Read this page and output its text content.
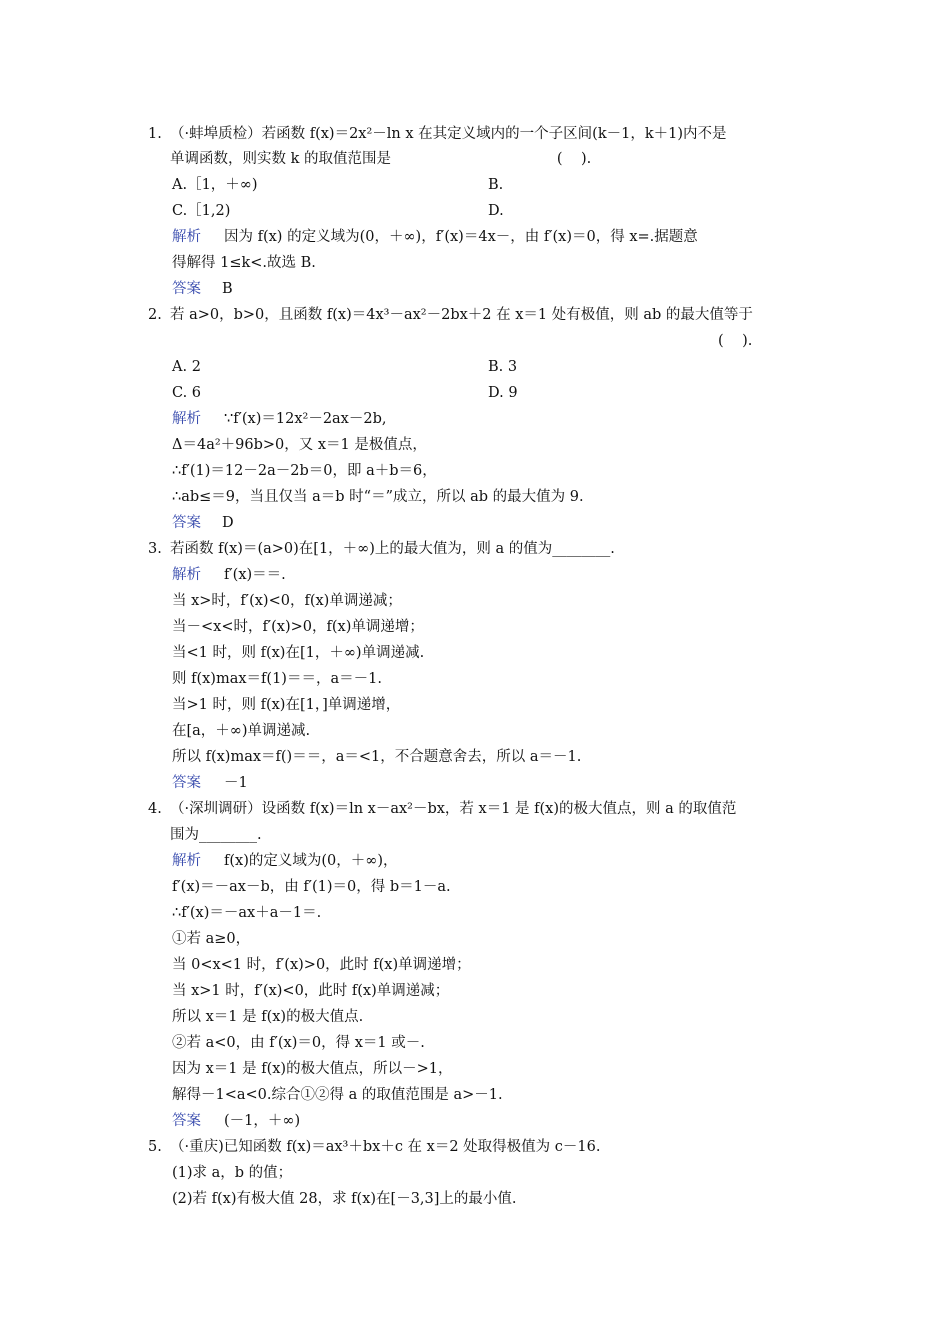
1. （·蚌埠质检）若函数 f(x)＝2x²－ln x 在其定义域内的一个子区间(k－1，k＋1)内不是
单调函数，则实数 k 的取值范围是                                    (    ).
A.［1，＋∞)	B.
C.［1,2)	D.
解析 因为 f(x) 的定义域为(0，＋∞)，f′(x)＝4x－，由 f′(x)＝0，得 x=.据题意
得解得 1≤k<.故选 B.
答案 B
2. 若 a>0，b>0，且函数 f(x)＝4x³－ax²－2bx＋2 在 x＝1 处有极值，则 ab 的最大值等于
(    ).
A. 2	B. 3
C. 6	D. 9
解析 ∵f′(x)＝12x²－2ax－2b,
Δ＝4a²＋96b>0，又 x＝1 是极值点，
∴f′(1)＝12－2a－2b＝0，即 a＋b＝6，
∴ab≤＝9，当且仅当 a＝b 时“＝”成立，所以 ab 的最大值为 9.
答案 D
3. 若函数 f(x)＝(a>0)在[1，＋∞)上的最大值为，则 a 的值为________.
解析 f′(x)＝＝.
当 x>时，f′(x)<0，f(x)单调递减；
当－<x<时，f′(x)>0，f(x)单调递增；
当<1 时，则 f(x)在[1，＋∞)单调递减.
则 f(x)max＝f(1)＝＝，a＝－1.
当>1 时，则 f(x)在[1，]单调递增，
在[a，＋∞)单调递减.
所以 f(x)max＝f()＝＝，a＝<1，不合题意舍去，所以 a＝－1.
答案 －1
4. （·深圳调研）设函数 f(x)＝ln x－ax²－bx，若 x＝1 是 f(x)的极大值点，则 a 的取值范
围为________.
解析 f(x)的定义域为(0，＋∞)，
f′(x)＝－ax－b，由 f′(1)＝0，得 b＝1－a.
∴f′(x)＝－ax＋a－1＝.
①若 a≥0，
当 0<x<1 时，f′(x)>0，此时 f(x)单调递增；
当 x>1 时，f′(x)<0，此时 f(x)单调递减；
所以 x＝1 是 f(x)的极大值点.
②若 a<0，由 f′(x)＝0，得 x＝1 或－.
因为 x＝1 是 f(x)的极大值点，所以－>1，
解得－1<a<0.综合①②得 a 的取值范围是 a>－1.
答案 (－1，＋∞)
5. （·重庆)已知函数 f(x)＝ax³＋bx＋c 在 x＝2 处取得极值为 c－16.
(1)求 a，b 的值；
(2)若 f(x)有极大值 28，求 f(x)在[－3,3]上的最小值.
